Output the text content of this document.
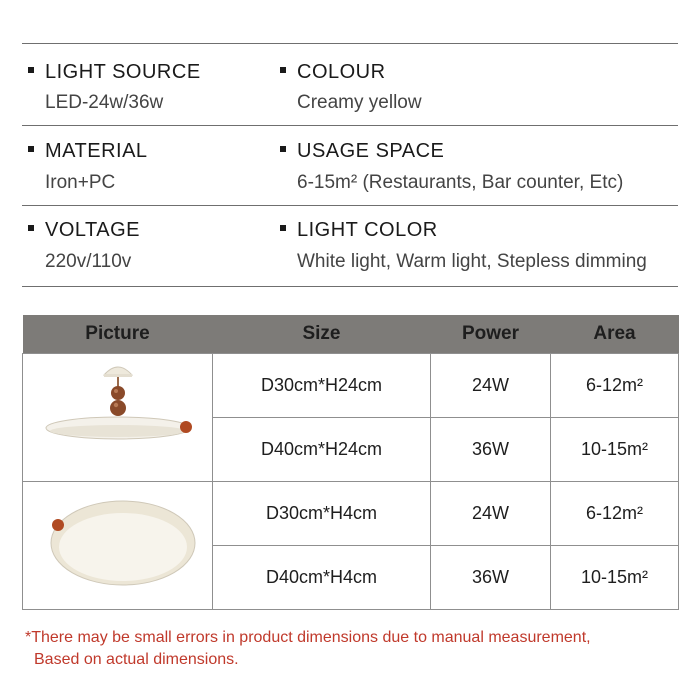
LIGHT SOURCE
LED-24w/36w
COLOUR
Creamy yellow
MATERIAL
Iron+PC
USAGE SPACE
6-15m² (Restaurants, Bar counter, Etc)
VOLTAGE
220v/110v
LIGHT COLOR
White light, Warm light, Stepless dimming
Picture	Size	Power	Area
	D30cm*H24cm	24W	6-12m²
	D40cm*H24cm	36W	10-15m²
	D30cm*H4cm	24W	6-12m²
	D40cm*H4cm	36W	10-15m²
*There may be small errors in product dimensions due to manual measurement,
Based on actual dimensions.
